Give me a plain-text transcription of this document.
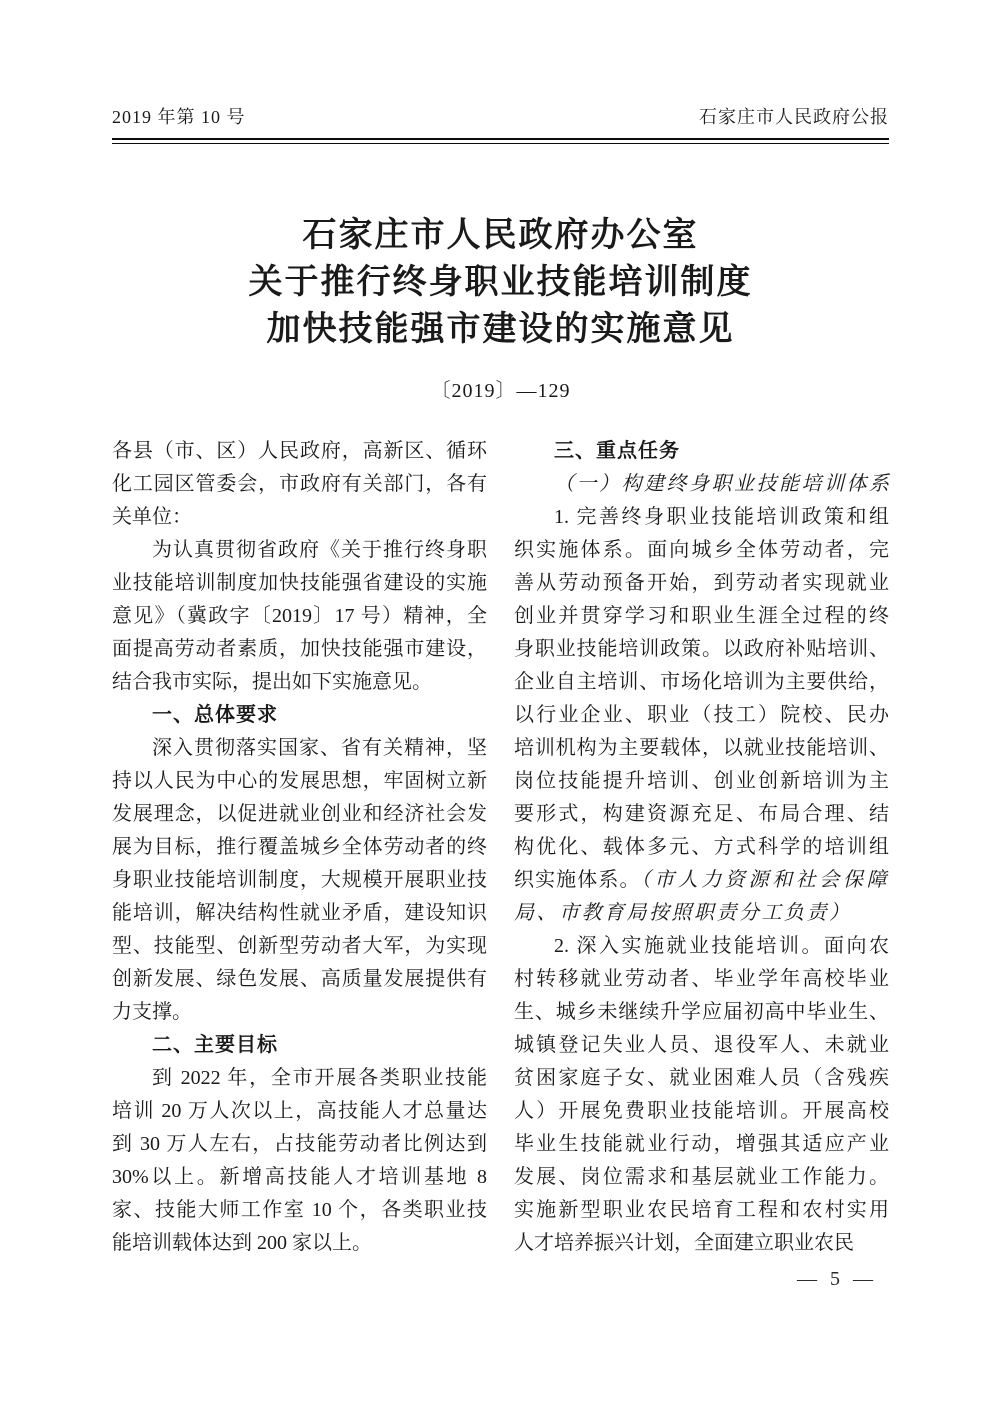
2019 年第 10 号	石家庄市人民政府公报
石家庄市人民政府办公室
关于推行终身职业技能培训制度
加快技能强市建设的实施意见
〔2019〕—129
各县（市、区）人民政府，高新区、循环
化工园区管委会，市政府有关部门，各有
关单位：
为认真贯彻省政府《关于推行终身职
业技能培训制度加快技能强省建设的实施
意见》（冀政字〔2019〕17 号）精神，全
面提高劳动者素质，加快技能强市建设，
结合我市实际，提出如下实施意见。
一、总体要求
深入贯彻落实国家、省有关精神，坚
持以人民为中心的发展思想，牢固树立新
发展理念，以促进就业创业和经济社会发
展为目标，推行覆盖城乡全体劳动者的终
身职业技能培训制度，大规模开展职业技
能培训，解决结构性就业矛盾，建设知识
型、技能型、创新型劳动者大军，为实现
创新发展、绿色发展、高质量发展提供有
力支撑。
二、主要目标
到 2022 年，全市开展各类职业技能
培训 20 万人次以上，高技能人才总量达
到 30 万人左右，占技能劳动者比例达到
30%以上。新增高技能人才培训基地 8
家、技能大师工作室 10 个，各类职业技
能培训载体达到 200 家以上。
三、重点任务
（一）构建终身职业技能培训体系
1. 完善终身职业技能培训政策和组
织实施体系。面向城乡全体劳动者，完
善从劳动预备开始，到劳动者实现就业
创业并贯穿学习和职业生涯全过程的终
身职业技能培训政策。以政府补贴培训、
企业自主培训、市场化培训为主要供给，
以行业企业、职业（技工）院校、民办
培训机构为主要载体，以就业技能培训、
岗位技能提升培训、创业创新培训为主
要形式，构建资源充足、布局合理、结
构优化、载体多元、方式科学的培训组
织实施体系。（市人力资源和社会保障
局、市教育局按照职责分工负责）
2. 深入实施就业技能培训。面向农
村转移就业劳动者、毕业学年高校毕业
生、城乡未继续升学应届初高中毕业生、
城镇登记失业人员、退役军人、未就业
贫困家庭子女、就业困难人员（含残疾
人）开展免费职业技能培训。开展高校
毕业生技能就业行动，增强其适应产业
发展、岗位需求和基层就业工作能力。
实施新型职业农民培育工程和农村实用
人才培养振兴计划，全面建立职业农民
— 5 —
